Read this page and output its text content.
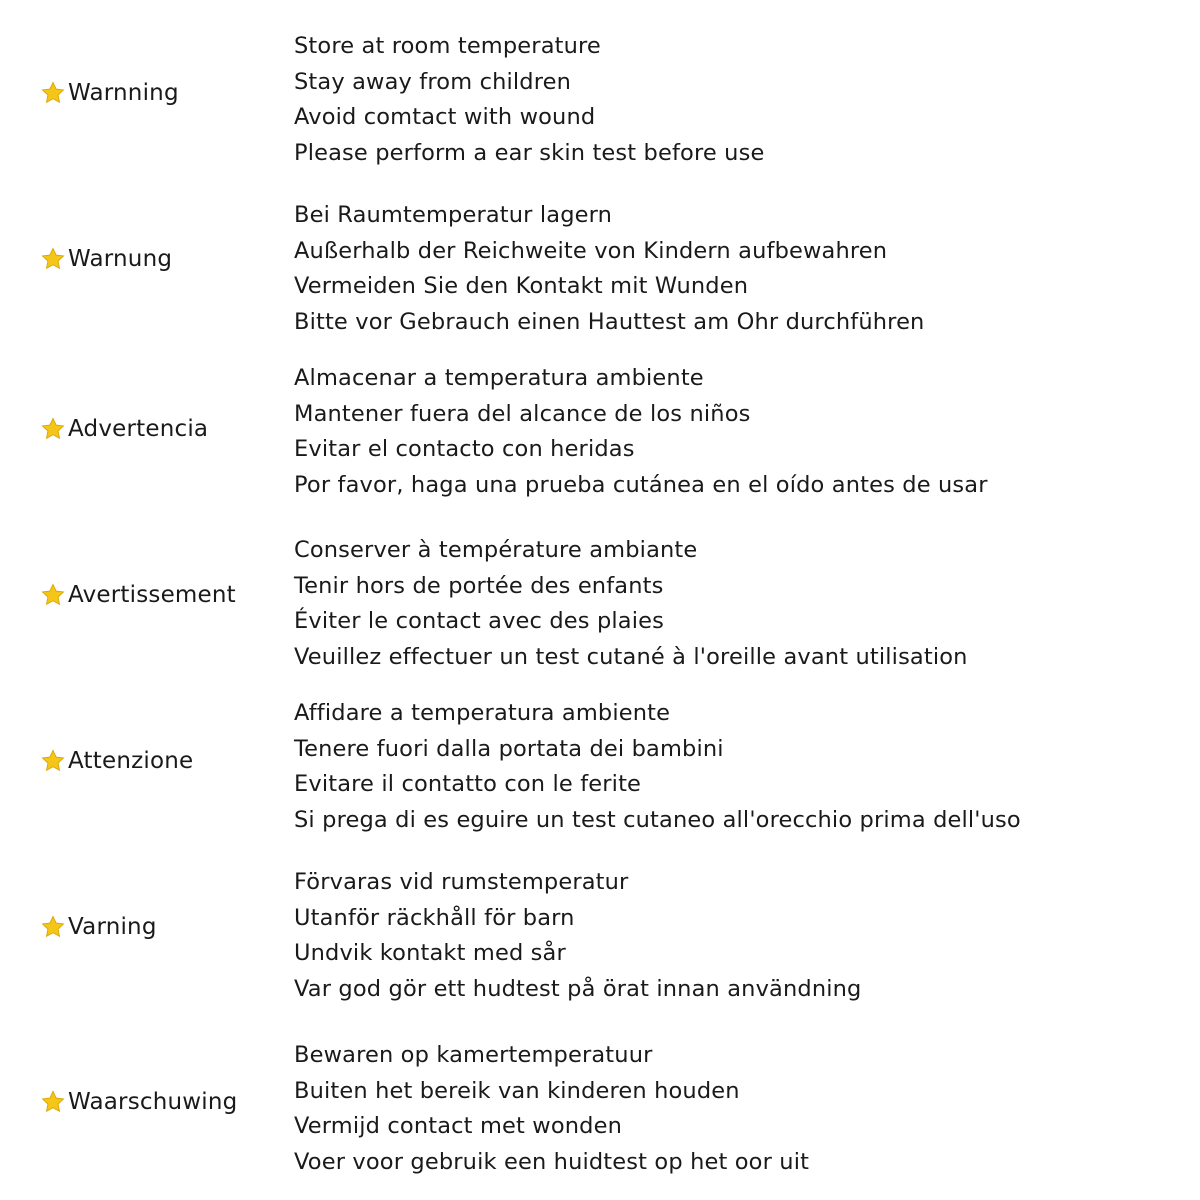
Warnning
Store at room temperature
Stay away from children
Avoid comtact with wound
Please perform a ear skin test before use
Warnung
Bei Raumtemperatur lagern
Außerhalb der Reichweite von Kindern aufbewahren
Vermeiden Sie den Kontakt mit Wunden
Bitte vor Gebrauch einen Hauttest am Ohr durchführen
Advertencia
Almacenar a temperatura ambiente
Mantener fuera del alcance de los niños
Evitar el contacto con heridas
Por favor, haga una prueba cutánea en el oído antes de usar
Avertissement
Conserver à température ambiante
Tenir hors de portée des enfants
Éviter le contact avec des plaies
Veuillez effectuer un test cutané à l'oreille avant utilisation
Attenzione
Affidare a temperatura ambiente
Tenere fuori dalla portata dei bambini
Evitare il contatto con le ferite
Si prega di es eguire un test cutaneo all'orecchio prima dell'uso
Varning
Förvaras vid rumstemperatur
Utanför räckhåll för barn
Undvik kontakt med sår
Var god gör ett hudtest på örat innan användning
Waarschuwing
Bewaren op kamertemperatuur
Buiten het bereik van kinderen houden
Vermijd contact met wonden
Voer voor gebruik een huidtest op het oor uit
